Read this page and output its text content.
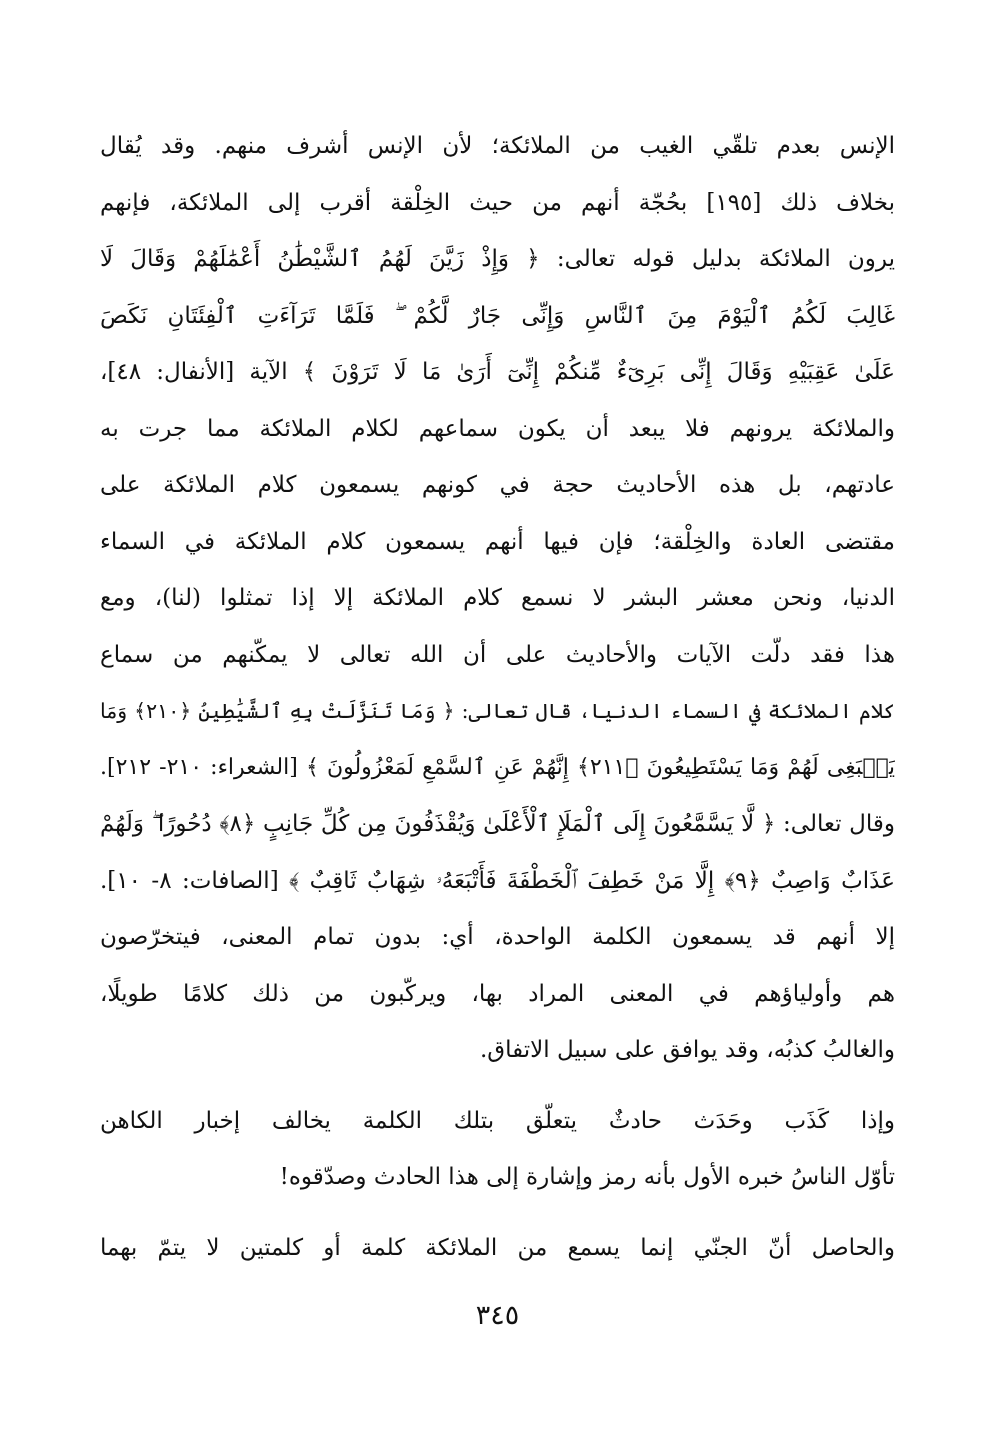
الإنس بعدم تلقّي الغيب من الملائكة؛ لأن الإنس أشرف منهم. وقد يُقال
بخلاف ذلك [١٩٥] بحُجّة أنهم من حيث الخِلْقة أقرب إلى الملائكة، فإنهم
يرون الملائكة بدليل قوله تعالى: ﴿ وَإِذْ زَيَّنَ لَهُمُ ٱلشَّيْطَٰنُ أَعْمَٰلَهُمْ وَقَالَ لَا
غَالِبَ لَكُمُ ٱلْيَوْمَ مِنَ ٱلنَّاسِ وَإِنِّى جَارٌ لَّكُمْ ۖ فَلَمَّا تَرَآءَتِ ٱلْفِئَتَانِ نَكَصَ
عَلَىٰ عَقِبَيْهِ وَقَالَ إِنِّى بَرِىٓءٌ مِّنكُمْ إِنِّىٓ أَرَىٰ مَا لَا تَرَوْنَ ﴾ الآية [الأنفال: ٤٨]،
والملائكة يرونهم فلا يبعد أن يكون سماعهم لكلام الملائكة مما جرت به
عادتهم، بل هذه الأحاديث حجة في كونهم يسمعون كلام الملائكة على
مقتضى العادة والخِلْقة؛ فإن فيها أنهم يسمعون كلام الملائكة في السماء
الدنيا، ونحن معشر البشر لا نسمع كلام الملائكة إلا إذا تمثلوا (لنا)، ومع
هذا فقد دلّت الآيات والأحاديث على أن الله تعالى لا يمكّنهم من سماع
كلام الملائكة في السماء الدنيا، قال تعالى: ﴿ وَمَا تَنَزَّلَتْ بِهِ ٱلشَّيَٰطِينُ ﴿٢١٠﴾ وَمَا
يَنۢبَغِى لَهُمْ وَمَا يَسْتَطِيعُونَ ﴿٢١١﴾ إِنَّهُمْ عَنِ ٱلسَّمْعِ لَمَعْزُولُونَ ﴾ [الشعراء: ٢١٠- ٢١٢].
وقال تعالى: ﴿ لَّا يَسَّمَّعُونَ إِلَى ٱلْمَلَإِ ٱلْأَعْلَىٰ وَيُقْذَفُونَ مِن كُلِّ جَانِبٍ ﴿٨﴾ دُحُورًا ۖ وَلَهُمْ
عَذَابٌ وَاصِبٌ ﴿٩﴾ إِلَّا مَنْ خَطِفَ ٱلْخَطْفَةَ فَأَتْبَعَهُۥ شِهَابٌ ثَاقِبٌ ﴾ [الصافات: ٨- ١٠].
إلا أنهم قد يسمعون الكلمة الواحدة، أي: بدون تمام المعنى، فيتخرّصون
هم وأولياؤهم في المعنى المراد بها، ويركّبون من ذلك كلامًا طويلًا،
والغالبُ كذبُه، وقد يوافق على سبيل الاتفاق.
وإذا كَذَب وحَدَث حادثٌ يتعلّق بتلك الكلمة يخالف إخبار الكاهن
تأوّل الناسُ خبره الأول بأنه رمز وإشارة إلى هذا الحادث وصدّقوه!
والحاصل أنّ الجنّي إنما يسمع من الملائكة كلمة أو كلمتين لا يتمّ بهما
٣٤٥
